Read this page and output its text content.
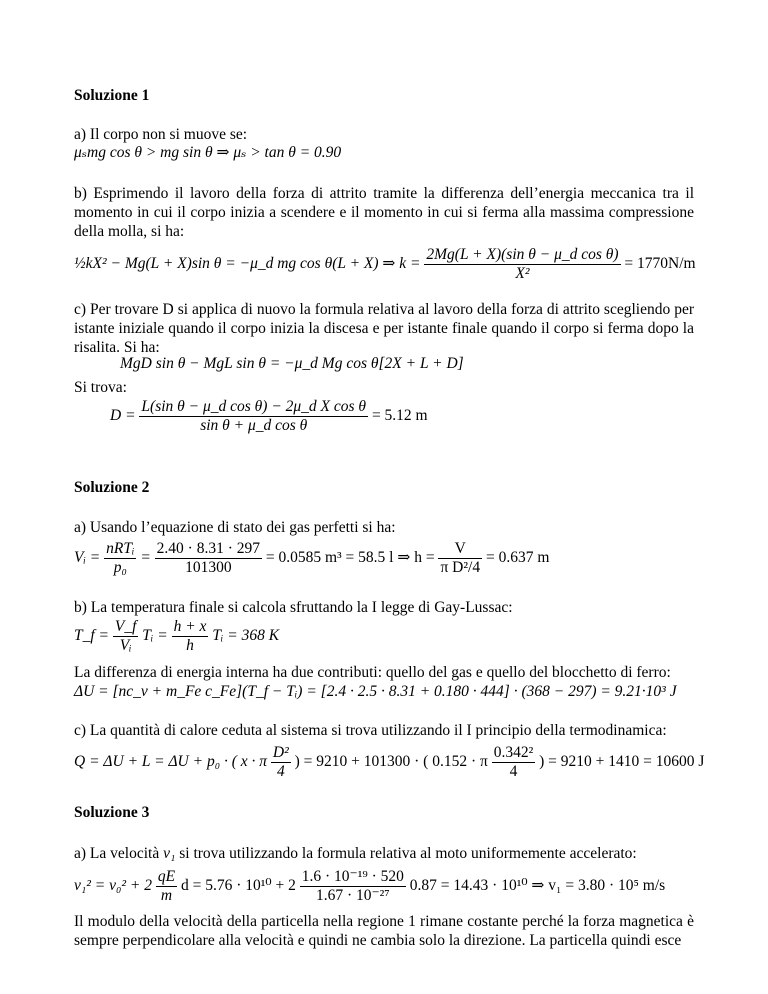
Soluzione 1
a) Il corpo non si muove se:
μₛmg cos θ > mg sin θ ⇒ μₛ > tan θ = 0.90
b) Esprimendo il lavoro della forza di attrito tramite la differenza dell’energia meccanica tra il momento in cui il corpo inizia a scendere e il momento in cui si ferma alla massima compressione della molla, si ha:
½kX² − Mg(L + X)sin θ = −μ_d mg cos θ(L + X) ⇒ $k = \frac{\text{2Mg(L + X)(sin θ − μ\_d cos θ)}}{\text{X²}} = 1770N/m$
c) Per trovare D si applica di nuovo la formula relativa al lavoro della forza di attrito scegliendo per istante iniziale quando il corpo inizia la discesa e per istante finale quando il corpo si ferma dopo la risalita. Si ha:
MgD sin θ − MgL sin θ = −μ_d Mg cos θ[2X + L + D]
Si trova:
$D = \frac{\text{L(sin θ − μ\_d cos θ) − 2μ\_d X cos θ}}{\text{sin θ + μ\_d cos θ}} = 5.12$ m
Soluzione 2
a) Usando l’equazione di stato dei gas perfetti si ha:
Vᵢ = $\frac{\text{nRTᵢ}}{\text{p₀}} = \frac{2.40 \cdot 8.31 \cdot 297}{101300} = 0.0585$ m³ = 58.5 l ⇒ $h = \frac{V}{\text{π D²/4}} = 0.637$ m
b) La temperatura finale si calcola sfruttando la I legge di Gay-Lussac:
T_f = $\frac{V\_f}{\text{Vᵢ}}$ Tᵢ = $\frac{h + x}{h}$ Tᵢ = 368 K
La differenza di energia interna ha due contributi: quello del gas e quello del blocchetto di ferro:
ΔU = [nc_v + m_Fe c_Fe](T_f − Tᵢ) = [2.4 · 2.5 · 8.31 + 0.180 · 444] · (368 − 297) = 9.21·10³ J
c) La quantità di calore ceduta al sistema si trova utilizzando il I principio della termodinamica:
Q = ΔU + L = ΔU + p₀ · ( x · π $\frac{\text{D²}}{4}$ ) = 9210 + 101300 · ( 0.152 · π $\frac{\text{0.342²}}{4}$ ) = 9210 + 1410 = 10600 J
Soluzione 3
a) La velocità v₁ si trova utilizzando la formula relativa al moto uniformemente accelerato:
$v_1^2 = v_0^2 + 2 \frac{qE}{m}$ $d = 5.76 \cdot 10^{10} + 2 \frac{\text{1.6 · 10⁻¹⁹ · 520}}{\text{1.67 · 10⁻²⁷}} 0.87 = 14.43 \cdot 10^{10}$ ⇒ v₁ = 3.80 · 10⁵ m/s
Il modulo della velocità della particella nella regione 1 rimane costante perché la forza magnetica è sempre perpendicolare alla velocità e quindi ne cambia solo la direzione. La particella quindi esce
